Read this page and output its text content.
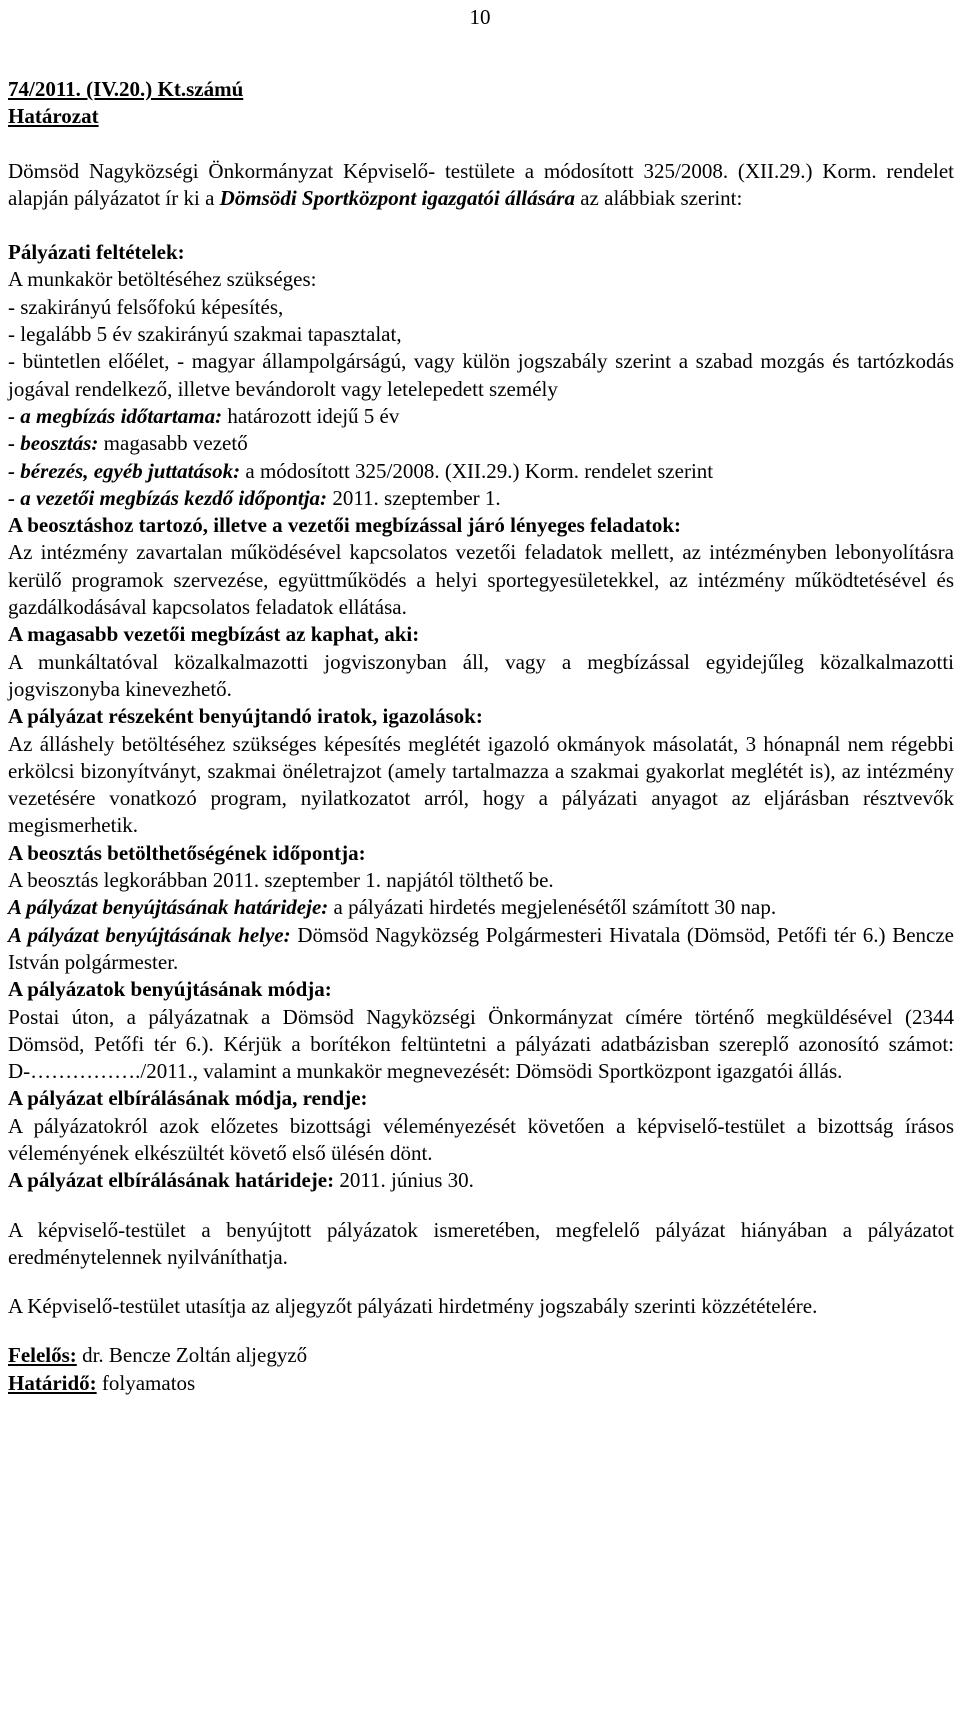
10

74/2011. (IV.20.) Kt.számú

Határozat

Dömsöd Nagyközségi Önkormányzat Képviselő- testülete a módosított 325/2008. (XII.29.) Korm. rendelet alapján pályázatot ír ki a Dömsödi Sportközpont igazgatói állására az alábbiak szerint:

Pályázati feltételek:

A munkakör betöltéséhez szükséges:

- szakirányú felsőfokú képesítés,

- legalább 5 év szakirányú szakmai tapasztalat,

- büntetlen előélet, - magyar állampolgárságú, vagy külön jogszabály szerint a szabad mozgás és tartózkodás jogával rendelkező, illetve bevándorolt vagy letelepedett személy

- a megbízás időtartama: határozott idejű 5 év

- beosztás: magasabb vezető

- bérezés, egyéb juttatások: a módosított 325/2008. (XII.29.) Korm. rendelet szerint

- a vezetői megbízás kezdő időpontja: 2011. szeptember 1.

A beosztáshoz tartozó, illetve a vezetői megbízással járó lényeges feladatok:

Az intézmény zavartalan működésével kapcsolatos vezetői feladatok mellett, az intézményben lebonyolításra kerülő programok szervezése, együttműködés a helyi sportegyesületekkel, az intézmény működtetésével és gazdálkodásával kapcsolatos feladatok ellátása.

A magasabb vezetői megbízást az kaphat, aki:

A munkáltatóval közalkalmazotti jogviszonyban áll, vagy a megbízással egyidejűleg közalkalmazotti jogviszonyba kinevezhető.

A pályázat részeként benyújtandó iratok, igazolások:

Az álláshely betöltéséhez szükséges képesítés meglétét igazoló okmányok másolatát, 3 hónapnál nem régebbi erkölcsi bizonyítványt, szakmai önéletrajzot (amely tartalmazza a szakmai gyakorlat meglétét is), az intézmény vezetésére vonatkozó program, nyilatkozatot arról, hogy a pályázati anyagot az eljárásban résztvevők megismerhetik.

A beosztás betölthetőségének időpontja:

A beosztás legkorábban 2011. szeptember 1. napjától tölthető be.

A pályázat benyújtásának határideje: a pályázati hirdetés megjelenésétől számított 30 nap.

A pályázat benyújtásának helye: Dömsöd Nagyközség Polgármesteri Hivatala (Dömsöd, Petőfi tér 6.) Bencze István polgármester.

A pályázatok benyújtásának módja:

Postai úton, a pályázatnak a Dömsöd Nagyközségi Önkormányzat címére történő megküldésével (2344 Dömsöd, Petőfi tér 6.). Kérjük a borítékon feltüntetni a pályázati adatbázisban szereplő azonosító számot: D-……………./2011., valamint a munkakör megnevezését: Dömsödi Sportközpont igazgatói állás.

A pályázat elbírálásának módja, rendje:

A pályázatokról azok előzetes bizottsági véleményezését követően a képviselő-testület a bizottság írásos véleményének elkészültét követő első ülésén dönt.

A pályázat elbírálásának határideje: 2011. június 30.

A képviselő-testület a benyújtott pályázatok ismeretében, megfelelő pályázat hiányában a pályázatot eredménytelennek nyilváníthatja.

A Képviselő-testület utasítja az aljegyzőt pályázati hirdetmény jogszabály szerinti közzétételére.

Felelős: dr. Bencze Zoltán aljegyző

Határidő: folyamatos
